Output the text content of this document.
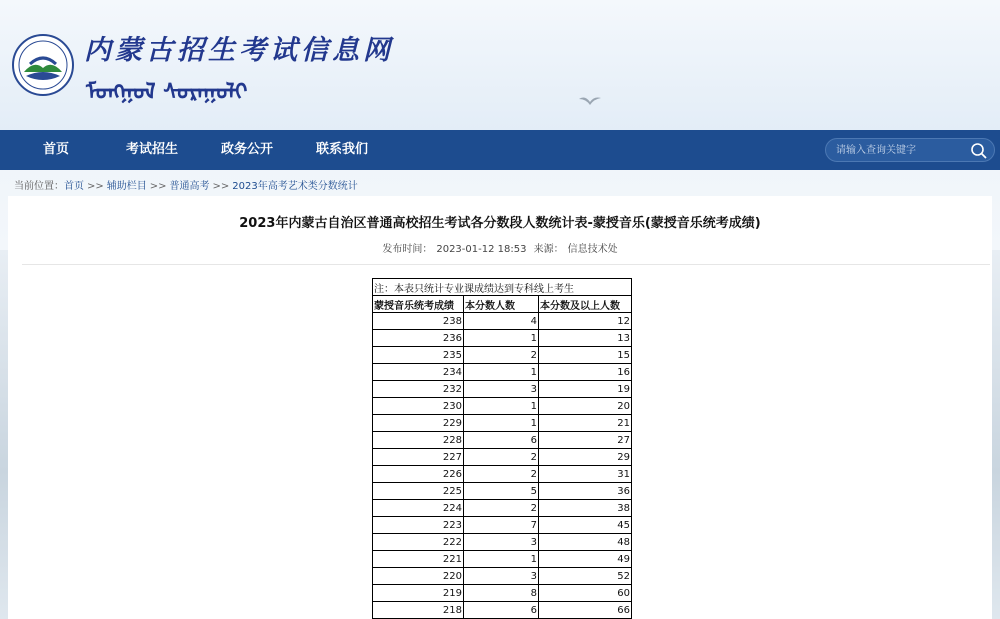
内蒙古招生考试信息网
ᠮᠣᠩᠭᠣᠯ ᠰᠤᠷᠠᠭᠤᠯᠢ
首页	考试招生	政务公开	联系我们
请输入查询关键字
当前位置：首页 >> 辅助栏目 >> 普通高考 >> 2023年高考艺术类分数统计
2023年内蒙古自治区普通高校招生考试各分数段人数统计表-蒙授音乐(蒙授音乐统考成绩)
发布时间： 2023-01-12 18:53 来源： 信息技术处
注：本表只统计专业课成绩达到专科线上考生		
蒙授音乐统考成绩	本分数人数	本分数及以上人数
238	4	12
236	1	13
235	2	15
234	1	16
232	3	19
230	1	20
229	1	21
228	6	27
227	2	29
226	2	31
225	5	36
224	2	38
223	7	45
222	3	48
221	1	49
220	3	52
219	8	60
218	6	66
